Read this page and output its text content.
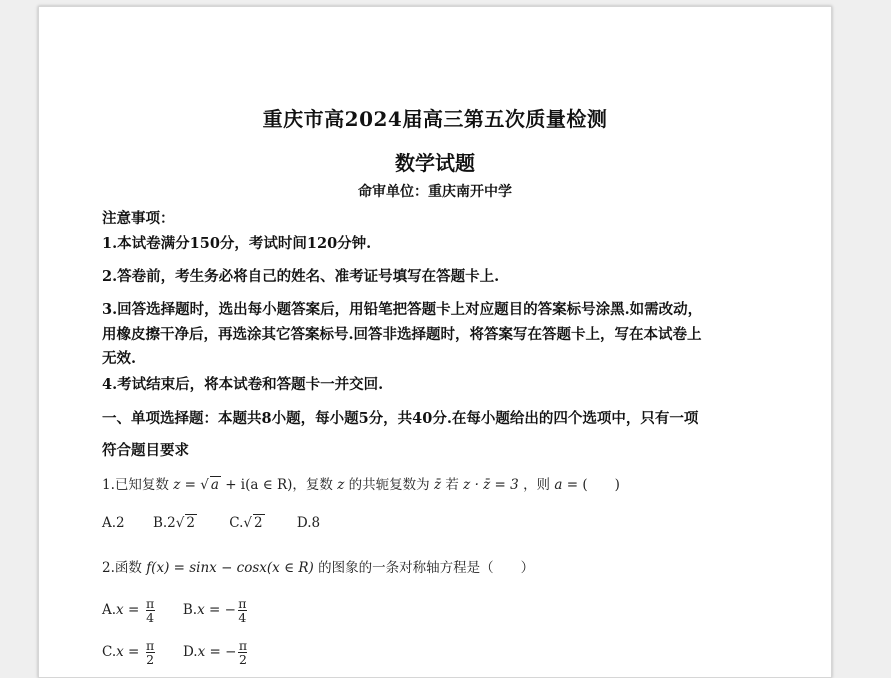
重庆市高2024届高三第五次质量检测
数学试题
命审单位：重庆南开中学
注意事项：
1.本试卷满分150分，考试时间120分钟.
2.答卷前，考生务必将自己的姓名、准考证号填写在答题卡上.
3.回答选择题时，选出每小题答案后，用铅笔把答题卡上对应题目的答案标号涂黑.如需改动，
用橡皮擦干净后，再选涂其它答案标号.回答非选择题时，将答案写在答题卡上，写在本试卷上
无效.
4.考试结束后，将本试卷和答题卡一并交回.
一、单项选择题：本题共8小题，每小题5分，共40分.在每小题给出的四个选项中，只有一项
符合题目要求
1.已知复数 z = √ a + i(a ∈ R)，复数 z 的共轭复数为 z̄ 若 z · z̄ = 3 ，则 a = (　　)
A.2 B.2√ 2	C.√ 2	D.8
2.函数 f(x) = sinx − cosx(x ∈ R) 的图象的一条对称轴方程是（　　）
$A.x = \frac{\pi}{4} B.x$ = − $\frac{\pi}{4}$
$C.x = \frac{\pi}{2} D.x$ = − $\frac{\pi}{2}$
